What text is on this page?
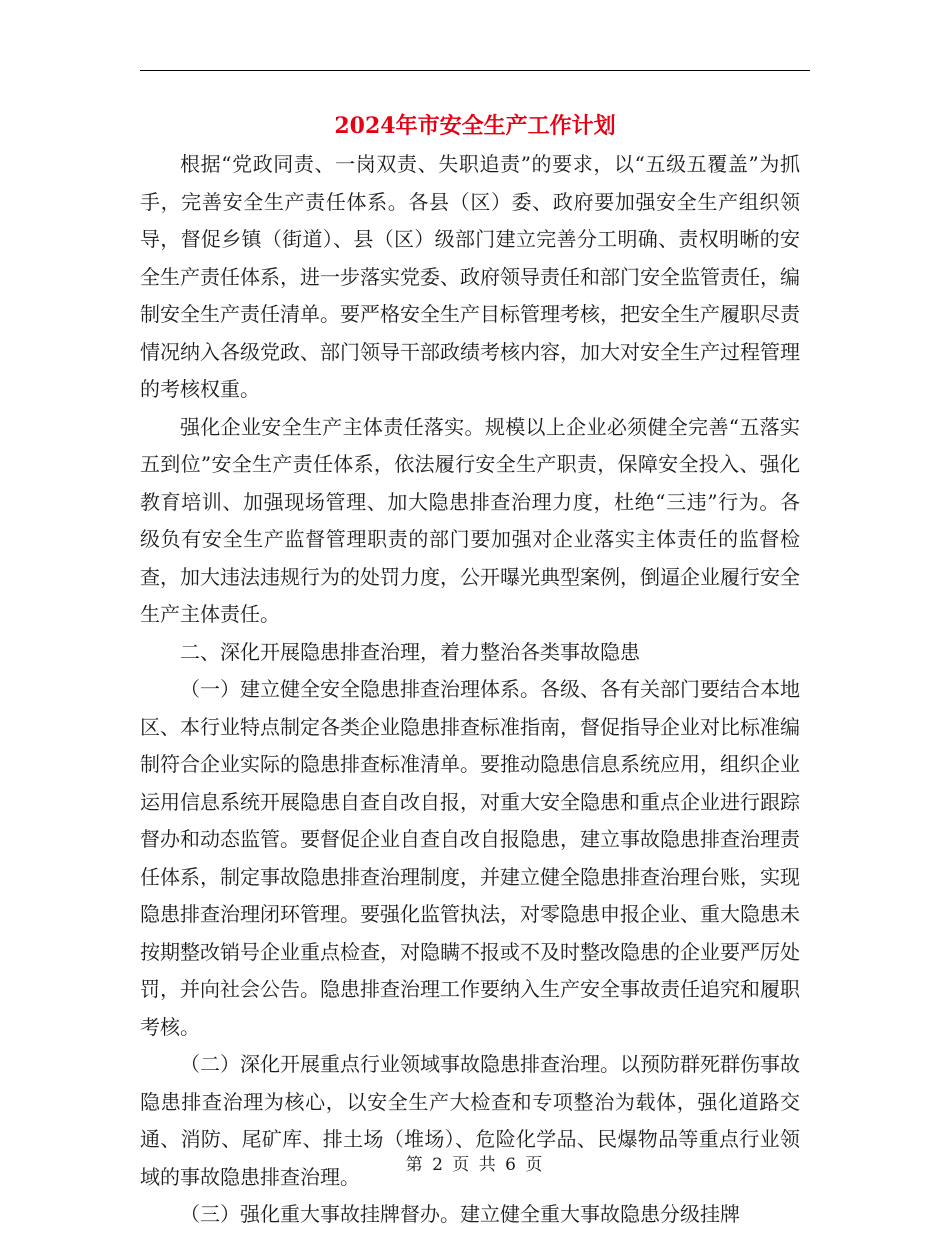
2024年市安全生产工作计划

根据“党政同责、一岗双责、失职追责”的要求，以“五级五覆盖”为抓手，完善安全生产责任体系。各县（区）委、政府要加强安全生产组织领导，督促乡镇（街道）、县（区）级部门建立完善分工明确、责权明晰的安全生产责任体系，进一步落实党委、政府领导责任和部门安全监管责任，编制安全生产责任清单。要严格安全生产目标管理考核，把安全生产履职尽责情况纳入各级党政、部门领导干部政绩考核内容，加大对安全生产过程管理的考核权重。

强化企业安全生产主体责任落实。规模以上企业必须健全完善“五落实五到位”安全生产责任体系，依法履行安全生产职责，保障安全投入、强化教育培训、加强现场管理、加大隐患排查治理力度，杜绝“三违”行为。各级负有安全生产监督管理职责的部门要加强对企业落实主体责任的监督检查，加大违法违规行为的处罚力度，公开曝光典型案例，倒逼企业履行安全生产主体责任。

二、深化开展隐患排查治理，着力整治各类事故隐患

（一）建立健全安全隐患排查治理体系。各级、各有关部门要结合本地区、本行业特点制定各类企业隐患排查标准指南，督促指导企业对比标准编制符合企业实际的隐患排查标准清单。要推动隐患信息系统应用，组织企业运用信息系统开展隐患自查自改自报，对重大安全隐患和重点企业进行跟踪督办和动态监管。要督促企业自查自改自报隐患，建立事故隐患排查治理责任体系，制定事故隐患排查治理制度，并建立健全隐患排查治理台账，实现隐患排查治理闭环管理。要强化监管执法，对零隐患申报企业、重大隐患未按期整改销号企业重点检查，对隐瞒不报或不及时整改隐患的企业要严厉处罚，并向社会公告。隐患排查治理工作要纳入生产安全事故责任追究和履职考核。

（二）深化开展重点行业领域事故隐患排查治理。以预防群死群伤事故隐患排查治理为核心，以安全生产大检查和专项整治为载体，强化道路交通、消防、尾矿库、排土场（堆场）、危险化学品、民爆物品等重点行业领域的事故隐患排查治理。

（三）强化重大事故挂牌督办。建立健全重大事故隐患分级挂牌

第 2 页 共 6 页
